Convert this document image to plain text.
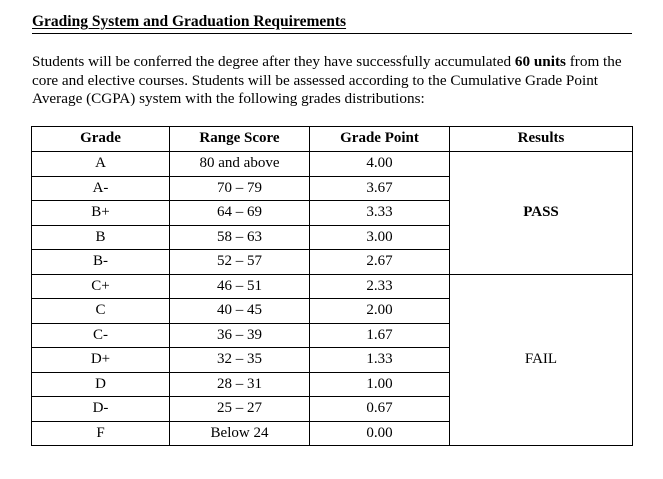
Grading System and Graduation Requirements

Students will be conferred the degree after they have successfully accumulated 60 units from the core and elective courses. Students will be assessed according to the Cumulative Grade Point Average (CGPA) system with the following grades distributions:

Grade	Range Score	Grade Point	Results
A	80 and above	4.00	PASS
A-	70 – 79	3.67	
B+	64 – 69	3.33	
B	58 – 63	3.00	
B-	52 – 57	2.67	
C+	46 – 51	2.33	FAIL
C	40 – 45	2.00	
C-	36 – 39	1.67	
D+	32 – 35	1.33	
D	28 – 31	1.00	
D-	25 – 27	0.67	
F	Below 24	0.00	
